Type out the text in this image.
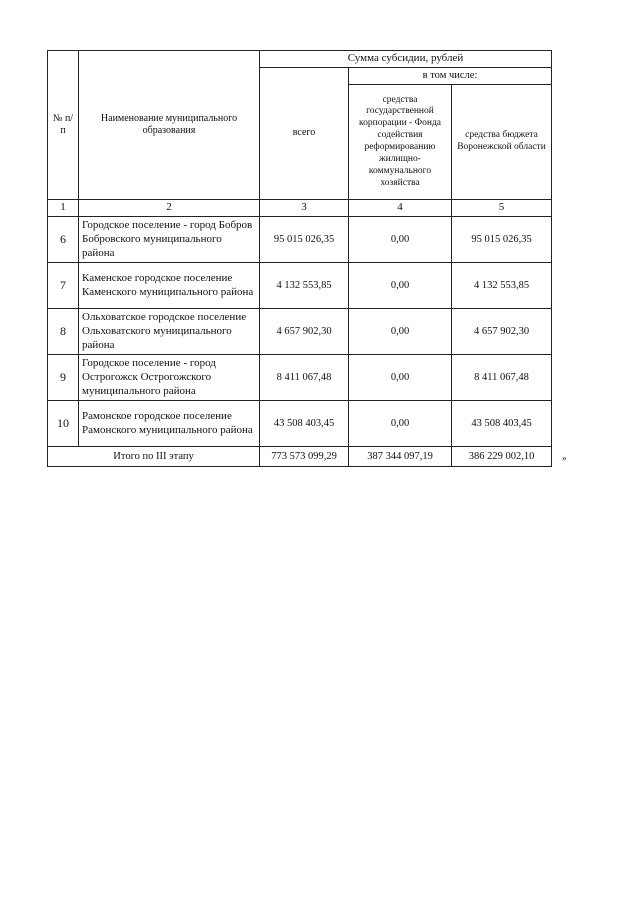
№ п/п	Наименование муниципального образования	Сумма субсидии, рублей		
		всего	в том числе:	
			средства государственной корпорации - Фонда содействия реформированию жилищно-коммунального хозяйства	средства бюджета Воронежской области
1	2	3	4	5
6	Городское поселение - город Бобров Бобровского муниципального района	95 015 026,35	0,00	95 015 026,35
7	Каменское городское поселение Каменского муниципального района	4 132 553,85	0,00	4 132 553,85
8	Ольховатское городское поселение Ольховатского муниципального района	4 657 902,30	0,00	4 657 902,30
9	Городское поселение - город Острогожск Острогожского муниципального района	8 411 067,48	0,00	8 411 067,48
10	Рамонское городское поселение Рамонского муниципального района	43 508 403,45	0,00	43 508 403,45
Итого по III этапу		773 573 099,29	387 344 097,19	386 229 002,10	»
